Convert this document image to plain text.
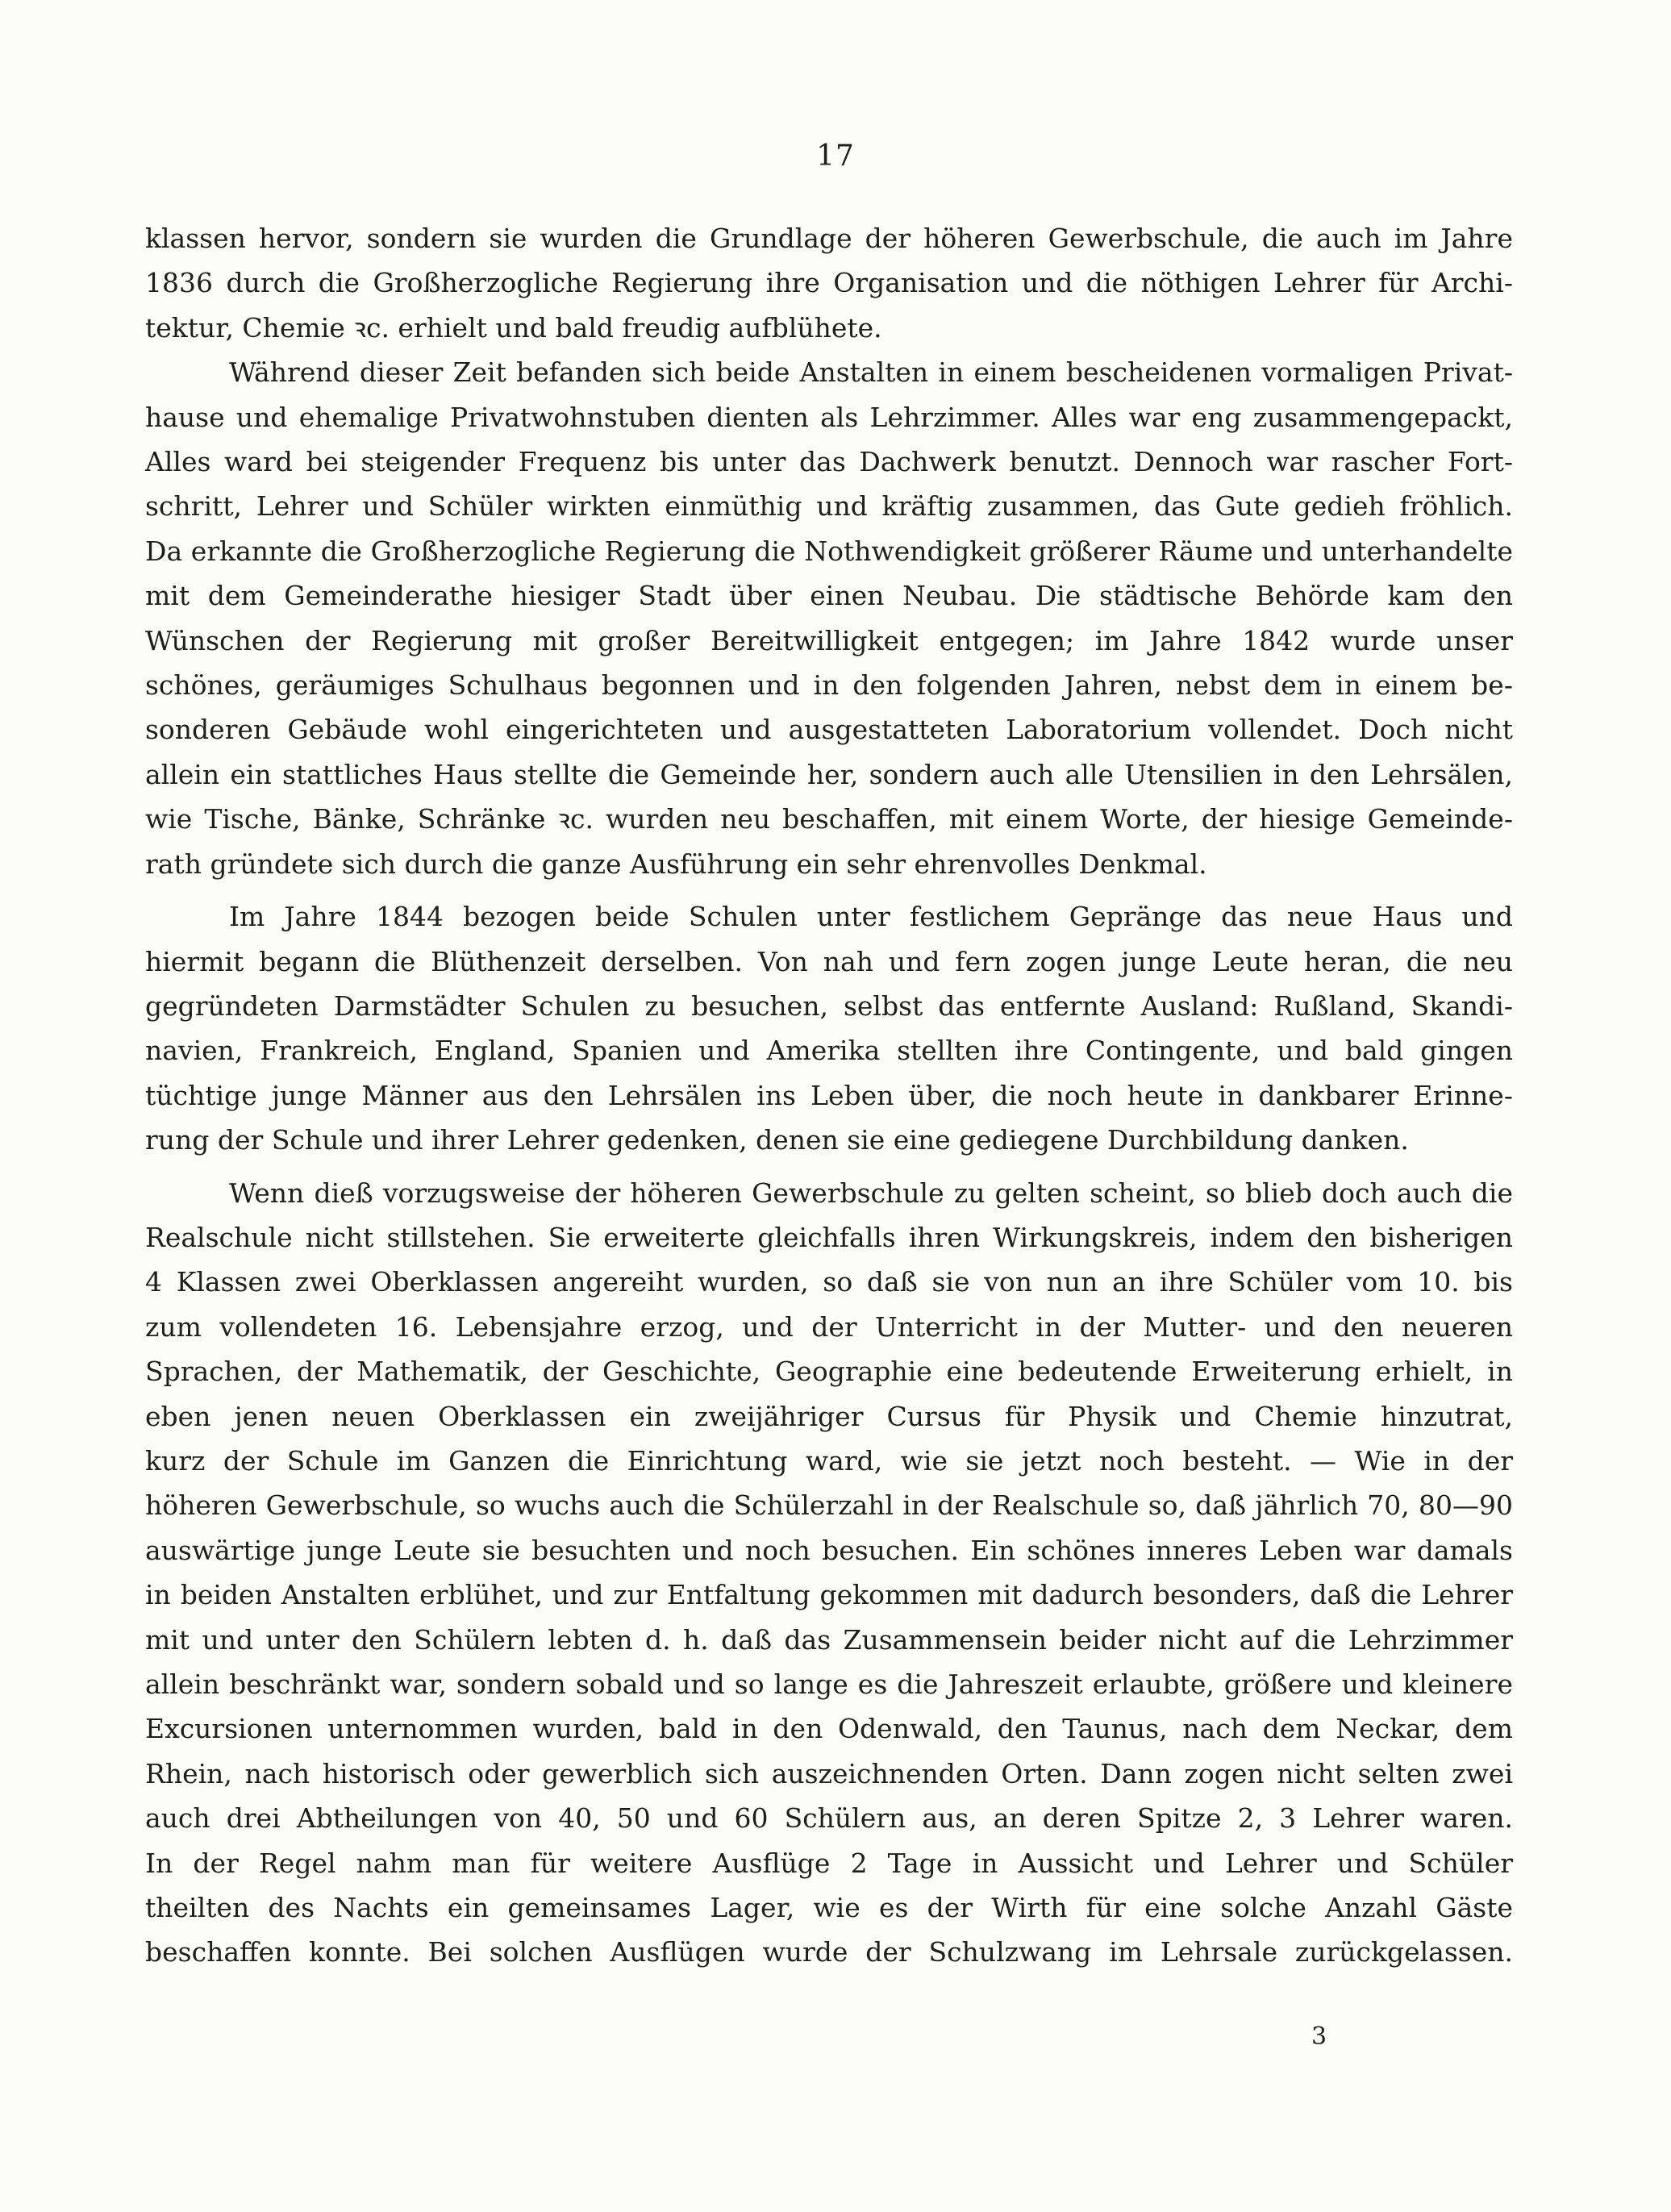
17
klassen hervor, sondern sie wurden die Grundlage der höheren Gewerbschule, die auch im Jahre
1836 durch die Großherzogliche Regierung ihre Organisation und die nöthigen Lehrer für Archi-
tektur, Chemie ꝛc. erhielt und bald freudig aufblühete.
Während dieser Zeit befanden sich beide Anstalten in einem bescheidenen vormaligen Privat-
hause und ehemalige Privatwohnstuben dienten als Lehrzimmer. Alles war eng zusammengepackt,
Alles ward bei steigender Frequenz bis unter das Dachwerk benutzt. Dennoch war rascher Fort-
schritt, Lehrer und Schüler wirkten einmüthig und kräftig zusammen, das Gute gedieh fröhlich.
Da erkannte die Großherzogliche Regierung die Nothwendigkeit größerer Räume und unterhandelte
mit dem Gemeinderathe hiesiger Stadt über einen Neubau. Die städtische Behörde kam den
Wünschen der Regierung mit großer Bereitwilligkeit entgegen; im Jahre 1842 wurde unser
schönes, geräumiges Schulhaus begonnen und in den folgenden Jahren, nebst dem in einem be-
sonderen Gebäude wohl eingerichteten und ausgestatteten Laboratorium vollendet. Doch nicht
allein ein stattliches Haus stellte die Gemeinde her, sondern auch alle Utensilien in den Lehrsälen,
wie Tische, Bänke, Schränke ꝛc. wurden neu beschaffen, mit einem Worte, der hiesige Gemeinde-
rath gründete sich durch die ganze Ausführung ein sehr ehrenvolles Denkmal.
Im Jahre 1844 bezogen beide Schulen unter festlichem Gepränge das neue Haus und
hiermit begann die Blüthenzeit derselben. Von nah und fern zogen junge Leute heran, die neu
gegründeten Darmstädter Schulen zu besuchen, selbst das entfernte Ausland: Rußland, Skandi-
navien, Frankreich, England, Spanien und Amerika stellten ihre Contingente, und bald gingen
tüchtige junge Männer aus den Lehrsälen ins Leben über, die noch heute in dankbarer Erinne-
rung der Schule und ihrer Lehrer gedenken, denen sie eine gediegene Durchbildung danken.
Wenn dieß vorzugsweise der höheren Gewerbschule zu gelten scheint, so blieb doch auch die
Realschule nicht stillstehen. Sie erweiterte gleichfalls ihren Wirkungskreis, indem den bisherigen
4 Klassen zwei Oberklassen angereiht wurden, so daß sie von nun an ihre Schüler vom 10. bis
zum vollendeten 16. Lebensjahre erzog, und der Unterricht in der Mutter- und den neueren
Sprachen, der Mathematik, der Geschichte, Geographie eine bedeutende Erweiterung erhielt, in
eben jenen neuen Oberklassen ein zweijähriger Cursus für Physik und Chemie hinzutrat,
kurz der Schule im Ganzen die Einrichtung ward, wie sie jetzt noch besteht. — Wie in der
höheren Gewerbschule, so wuchs auch die Schülerzahl in der Realschule so, daß jährlich 70, 80—90
auswärtige junge Leute sie besuchten und noch besuchen. Ein schönes inneres Leben war damals
in beiden Anstalten erblühet, und zur Entfaltung gekommen mit dadurch besonders, daß die Lehrer
mit und unter den Schülern lebten d. h. daß das Zusammensein beider nicht auf die Lehrzimmer
allein beschränkt war, sondern sobald und so lange es die Jahreszeit erlaubte, größere und kleinere
Excursionen unternommen wurden, bald in den Odenwald, den Taunus, nach dem Neckar, dem
Rhein, nach historisch oder gewerblich sich auszeichnenden Orten. Dann zogen nicht selten zwei
auch drei Abtheilungen von 40, 50 und 60 Schülern aus, an deren Spitze 2, 3 Lehrer waren.
In der Regel nahm man für weitere Ausflüge 2 Tage in Aussicht und Lehrer und Schüler
theilten des Nachts ein gemeinsames Lager, wie es der Wirth für eine solche Anzahl Gäste
beschaffen konnte. Bei solchen Ausflügen wurde der Schulzwang im Lehrsale zurückgelassen.
3
